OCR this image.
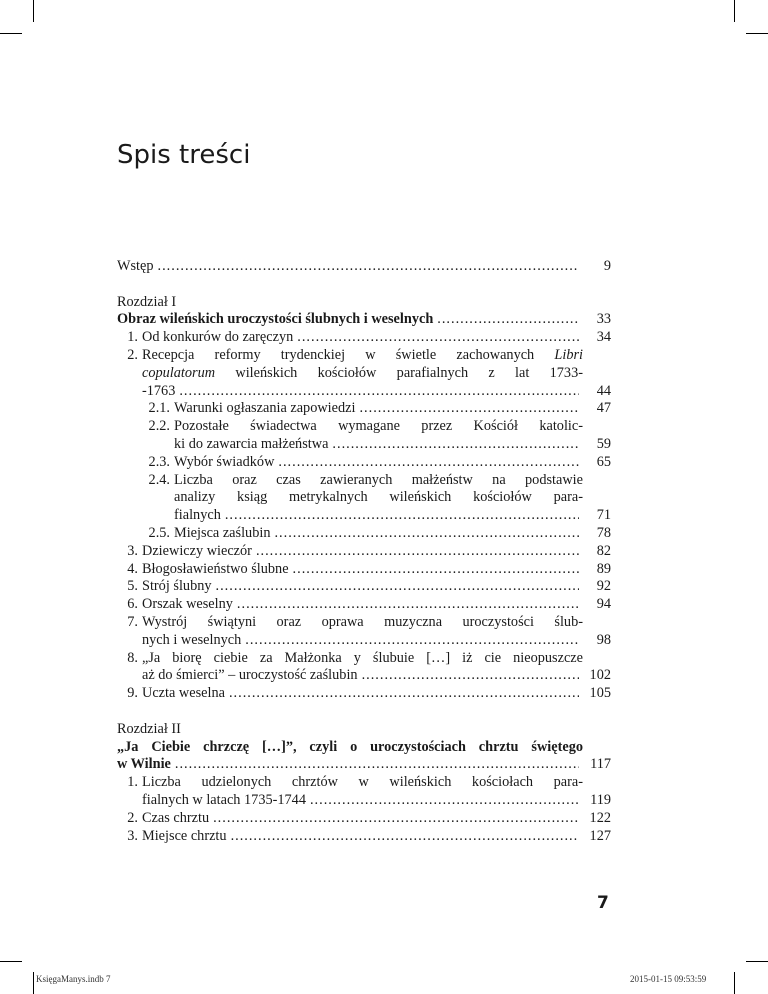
Spis treści
Wstęp .....	9
Rozdział I
Obraz wileńskich uroczystości ślubnych i weselnych .....	33
1. Od konkurów do zaręczyn .....	34
2. Recepcja reformy trydenckiej w świetle zachowanych Libri
copulatorum wileńskich kościołów parafialnych z lat 1733-
-1763 .....	44
2.1. Warunki ogłaszania zapowiedzi .....	47
2.2. Pozostałe świadectwa wymagane przez Kościół katolic-
ki do zawarcia małżeństwa .....	59
2.3. Wybór świadków .....	65
2.4. Liczba oraz czas zawieranych małżeństw na podstawie
analizy ksiąg metrykalnych wileńskich kościołów para-
fialnych .....	71
2.5. Miejsca zaślubin .....	78
3. Dziewiczy wieczór .....	82
4. Błogosławieństwo ślubne .....	89
5. Strój ślubny .....	92
6. Orszak weselny .....	94
7. Wystrój świątyni oraz oprawa muzyczna uroczystości ślub-
nych i weselnych .....	98
8. „Ja biorę ciebie za Małżonka y ślubuie […] iż cie nieopuszcze
aż do śmierci” – uroczystość zaślubin .....	102
9. Uczta weselna .....	105
Rozdział II
„Ja Ciebie chrzczę […]”, czyli o uroczystościach chrztu świętego
w Wilnie .....	117
1. Liczba udzielonych chrztów w wileńskich kościołach para-
fialnych w latach 1735-1744 .....	119
2. Czas chrztu .....	122
3. Miejsce chrztu .....	127
7
KsięgaManys.indb 7	2015-01-15 09:53:59
